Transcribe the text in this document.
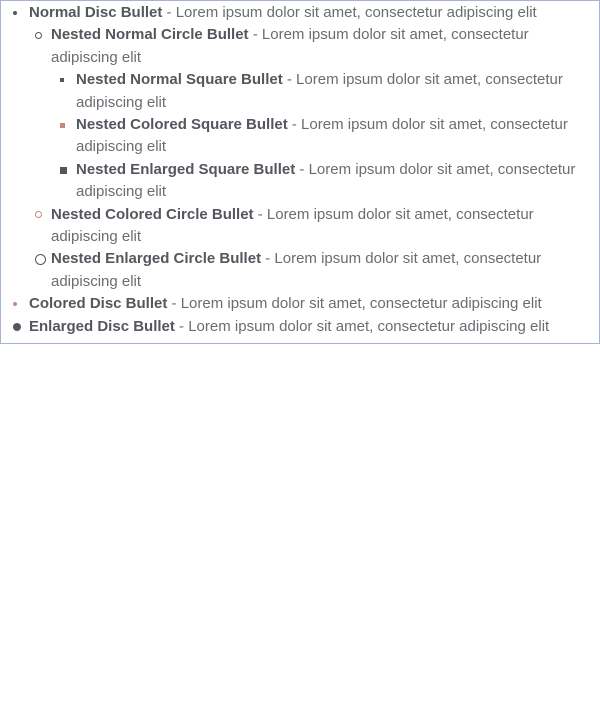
Normal Disc Bullet - Lorem ipsum dolor sit amet, consectetur adipiscing elit
Nested Normal Circle Bullet - Lorem ipsum dolor sit amet, consectetur adipiscing elit
Nested Normal Square Bullet - Lorem ipsum dolor sit amet, consectetur adipiscing elit
Nested Colored Square Bullet - Lorem ipsum dolor sit amet, consectetur adipiscing elit
Nested Enlarged Square Bullet - Lorem ipsum dolor sit amet, consectetur adipiscing elit
Nested Colored Circle Bullet - Lorem ipsum dolor sit amet, consectetur adipiscing elit
Nested Enlarged Circle Bullet - Lorem ipsum dolor sit amet, consectetur adipiscing elit
Colored Disc Bullet - Lorem ipsum dolor sit amet, consectetur adipiscing elit
Enlarged Disc Bullet - Lorem ipsum dolor sit amet, consectetur adipiscing elit
